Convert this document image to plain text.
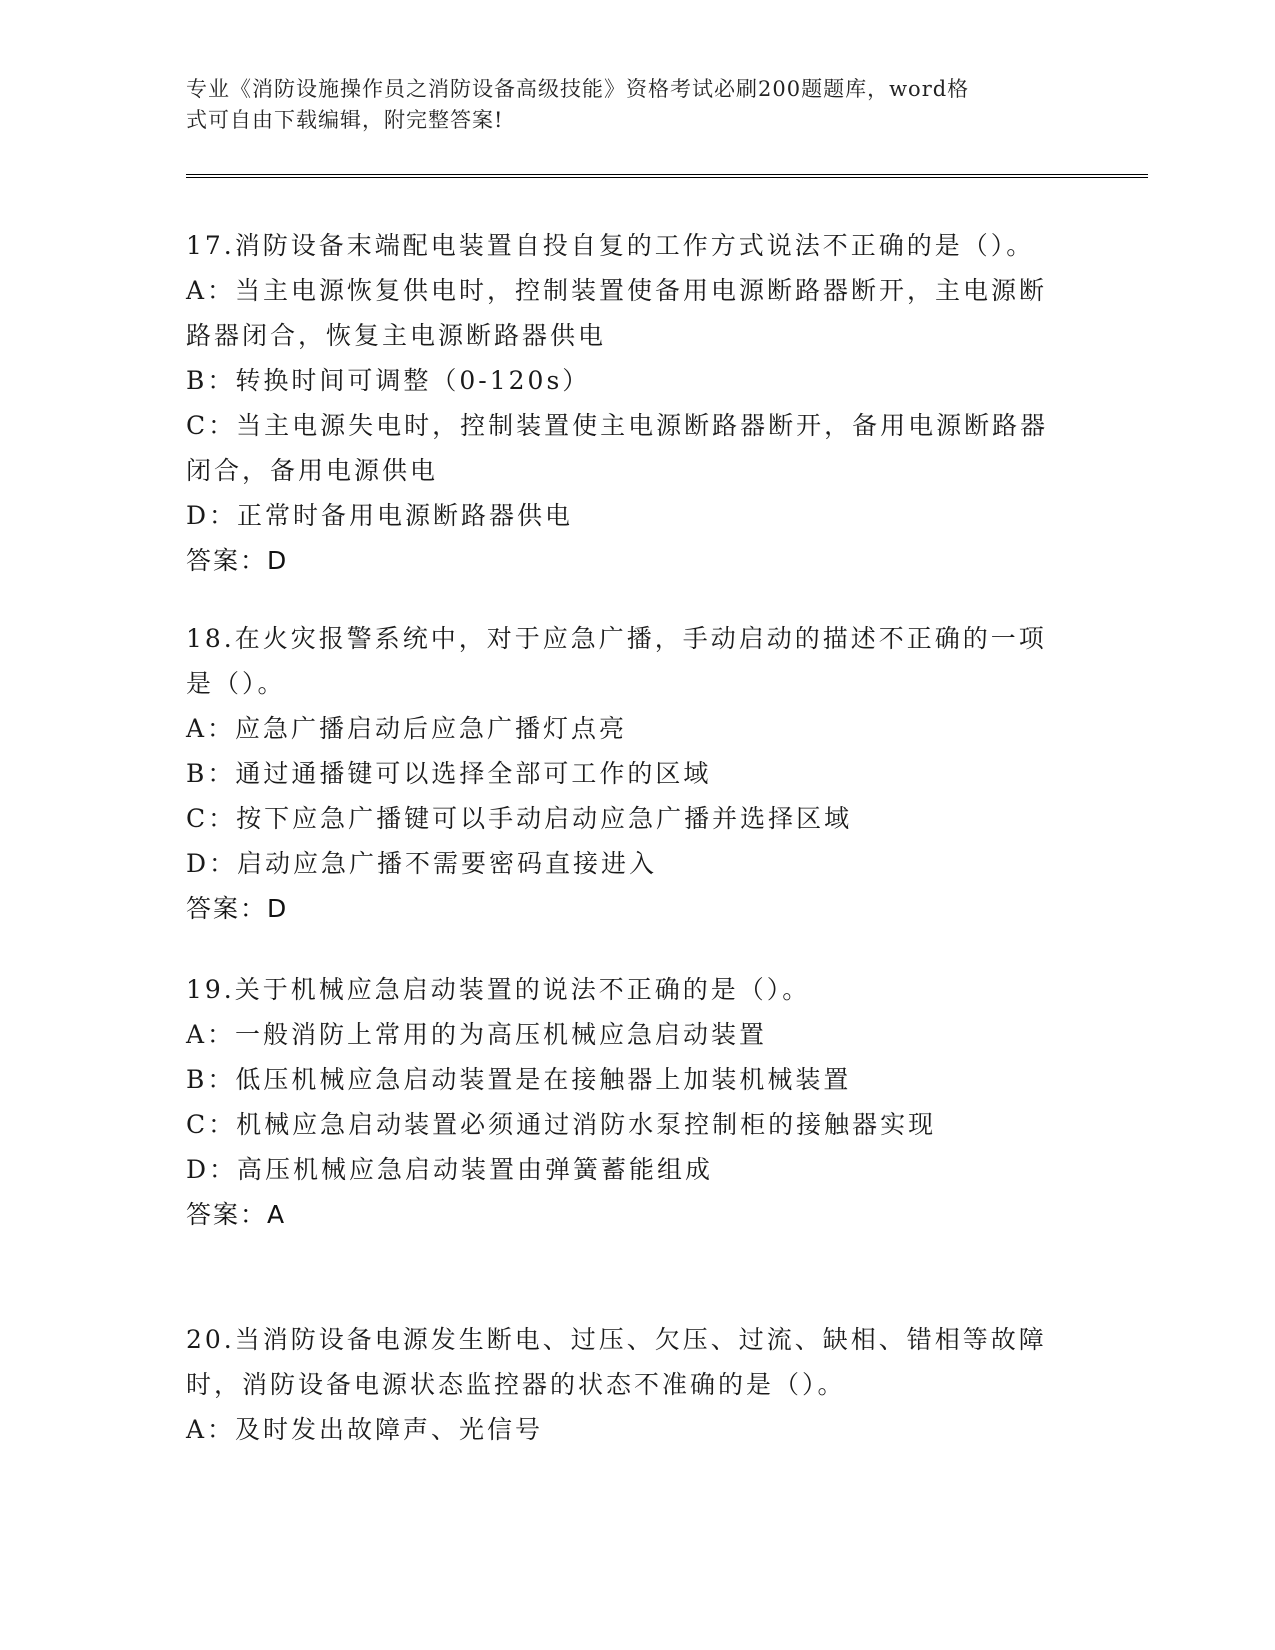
专业《消防设施操作员之消防设备高级技能》资格考试必刷200题题库，word格
式可自由下载编辑，附完整答案!
17.消防设备末端配电装置自投自复的工作方式说法不正确的是（）。
A：当主电源恢复供电时，控制装置使备用电源断路器断开，主电源断
路器闭合，恢复主电源断路器供电
B：转换时间可调整（0-120s）
C：当主电源失电时，控制装置使主电源断路器断开，备用电源断路器
闭合，备用电源供电
D：正常时备用电源断路器供电
答案：D
18.在火灾报警系统中，对于应急广播，手动启动的描述不正确的一项
是（）。
A：应急广播启动后应急广播灯点亮
B：通过通播键可以选择全部可工作的区域
C：按下应急广播键可以手动启动应急广播并选择区域
D：启动应急广播不需要密码直接进入
答案：D
19.关于机械应急启动装置的说法不正确的是（）。
A：一般消防上常用的为高压机械应急启动装置
B：低压机械应急启动装置是在接触器上加装机械装置
C：机械应急启动装置必须通过消防水泵控制柜的接触器实现
D：高压机械应急启动装置由弹簧蓄能组成
答案：A
20.当消防设备电源发生断电、过压、欠压、过流、缺相、错相等故障
时，消防设备电源状态监控器的状态不准确的是（）。
A：及时发出故障声、光信号
